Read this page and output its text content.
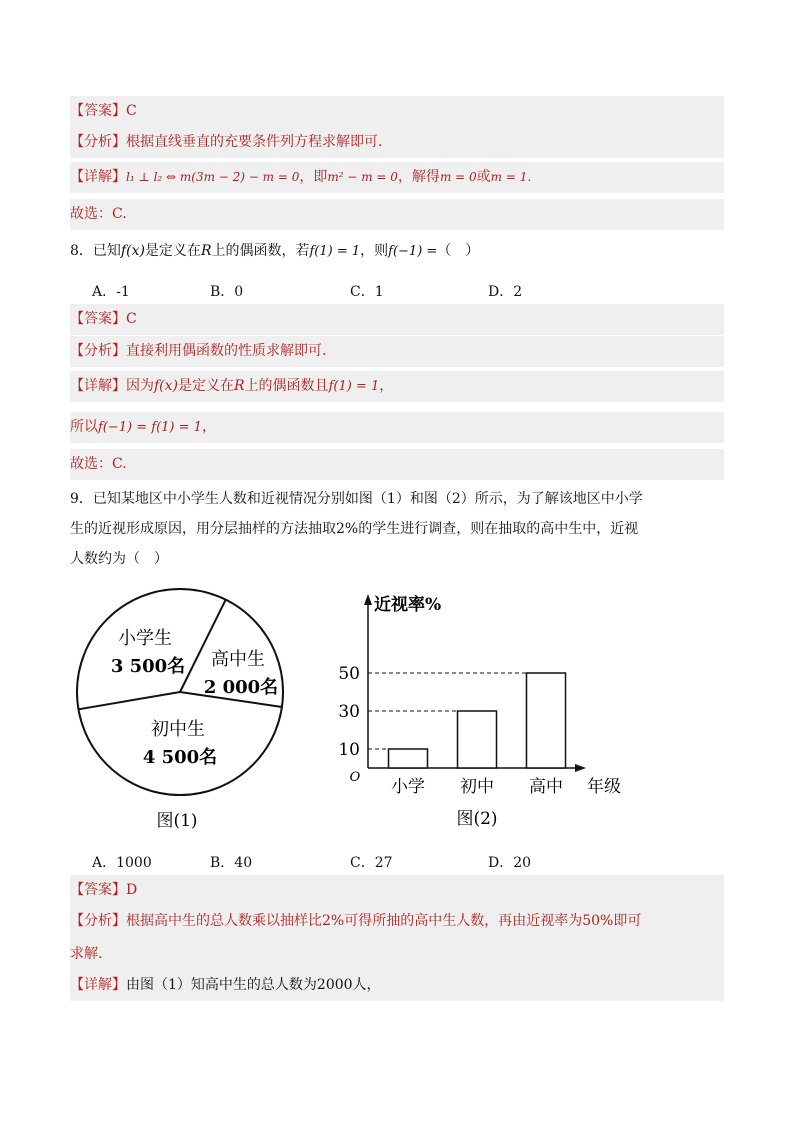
【答案】C
【分析】根据直线垂直的充要条件列方程求解即可.
【详解】l₁ ⊥ l₂ ⇔ m(3m − 2) − m = 0，即m² − m = 0，解得m = 0或m = 1.
故选：C.
8．已知f(x)是定义在R上的偶函数，若f(1) = 1，则f(−1) =（　）
A．-1	B．0	C．1	D．2
【答案】C
【分析】直接利用偶函数的性质求解即可.
【详解】因为f(x)是定义在R上的偶函数且f(1) = 1，
所以f(−1) = f(1) = 1，
故选：C.
9．已知某地区中小学生人数和近视情况分别如图（1）和图（2）所示，为了解该地区中小学
生的近视形成原因，用分层抽样的方法抽取2%的学生进行调查，则在抽取的高中生中，近视
人数约为（　）
小学生
3 500名 高中生
2 000名
初中生
4 500名
图(1)
近视率%
O	年级
10
30
50
小学 初中 高中
图(2)
A．1000	B．40	C．27	D．20
【答案】D
【分析】根据高中生的总人数乘以抽样比2%可得所抽的高中生人数，再由近视率为50%即可
求解.
【详解】由图（1）知高中生的总人数为2000人，
